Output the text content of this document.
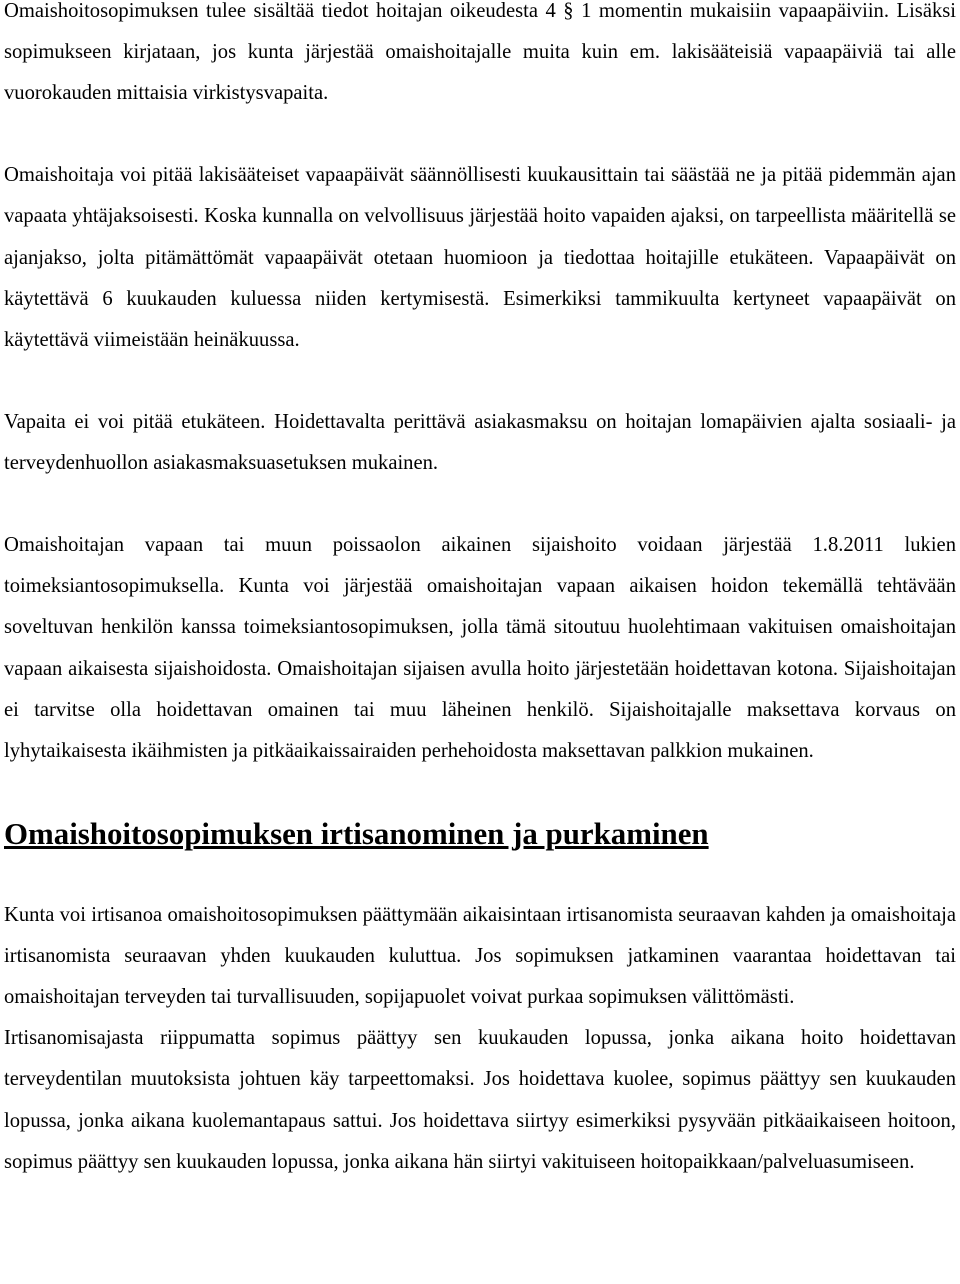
Omaishoitosopimuksen tulee sisältää tiedot hoitajan oikeudesta 4 § 1 momentin mukaisiin vapaapäiviin. Lisäksi sopimukseen kirjataan, jos kunta järjestää omaishoitajalle muita kuin em. lakisääteisiä vapaapäiviä tai alle vuorokauden mittaisia virkistysvapaita.

Omaishoitaja voi pitää lakisääteiset vapaapäivät säännöllisesti kuukausittain tai säästää ne ja pitää pidemmän ajan vapaata yhtäjaksoisesti. Koska kunnalla on velvollisuus järjestää hoito vapaiden ajaksi, on tarpeellista määritellä se ajanjakso, jolta pitämättömät vapaapäivät otetaan huomioon ja tiedottaa hoitajille etukäteen. Vapaapäivät on käytettävä 6 kuukauden kuluessa niiden kertymisestä. Esimerkiksi tammikuulta kertyneet vapaapäivät on käytettävä viimeistään heinäkuussa.

Vapaita ei voi pitää etukäteen. Hoidettavalta perittävä asiakasmaksu on hoitajan lomapäivien ajalta sosiaali- ja terveydenhuollon asiakasmaksuasetuksen mukainen.

Omaishoitajan vapaan tai muun poissaolon aikainen sijaishoito voidaan järjestää 1.8.2011 lukien toimeksiantosopimuksella. Kunta voi järjestää omaishoitajan vapaan aikaisen hoidon tekemällä tehtävään soveltuvan henkilön kanssa toimeksiantosopimuksen, jolla tämä sitoutuu huolehtimaan vakituisen omaishoitajan vapaan aikaisesta sijaishoidosta. Omaishoitajan sijaisen avulla hoito järjestetään hoidettavan kotona. Sijaishoitajan ei tarvitse olla hoidettavan omainen tai muu läheinen henkilö. Sijaishoitajalle maksettava korvaus on lyhytaikaisesta ikäihmisten ja pitkäaikaissairaiden perhehoidosta maksettavan palkkion mukainen.

Omaishoitosopimuksen irtisanominen ja purkaminen

Kunta voi irtisanoa omaishoitosopimuksen päättymään aikaisintaan irtisanomista seuraavan kahden ja omaishoitaja irtisanomista seuraavan yhden kuukauden kuluttua. Jos sopimuksen jatkaminen vaarantaa hoidettavan tai omaishoitajan terveyden tai turvallisuuden, sopijapuolet voivat purkaa sopimuksen välittömästi.

Irtisanomisajasta riippumatta sopimus päättyy sen kuukauden lopussa, jonka aikana hoito hoidettavan terveydentilan muutoksista johtuen käy tarpeettomaksi. Jos hoidettava kuolee, sopimus päättyy sen kuukauden lopussa, jonka aikana kuolemantapaus sattui. Jos hoidettava siirtyy esimerkiksi pysyvään pitkäaikaiseen hoitoon, sopimus päättyy sen kuukauden lopussa, jonka aikana hän siirtyi vakituiseen hoitopaikkaan/palveluasumiseen.
